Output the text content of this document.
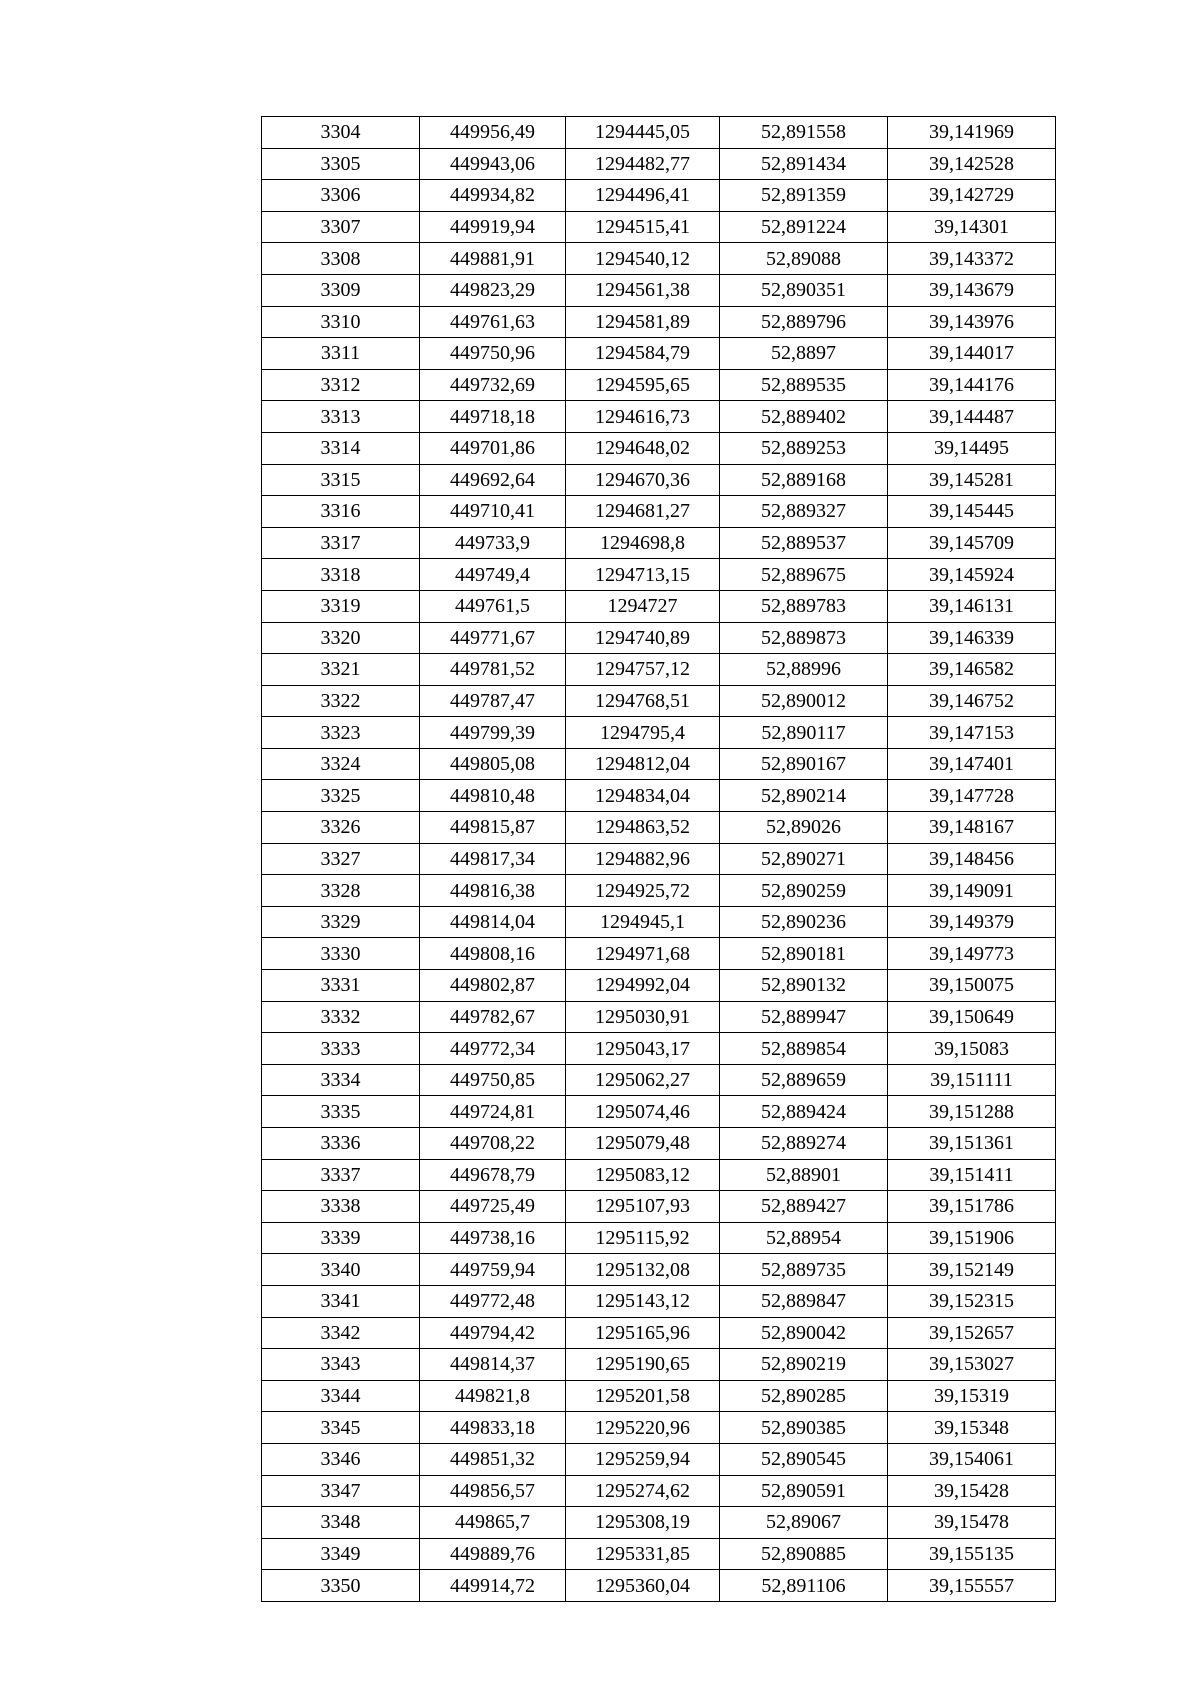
3304	449956,49	1294445,05	52,891558	39,141969
3305	449943,06	1294482,77	52,891434	39,142528
3306	449934,82	1294496,41	52,891359	39,142729
3307	449919,94	1294515,41	52,891224	39,14301
3308	449881,91	1294540,12	52,89088	39,143372
3309	449823,29	1294561,38	52,890351	39,143679
3310	449761,63	1294581,89	52,889796	39,143976
3311	449750,96	1294584,79	52,8897	39,144017
3312	449732,69	1294595,65	52,889535	39,144176
3313	449718,18	1294616,73	52,889402	39,144487
3314	449701,86	1294648,02	52,889253	39,14495
3315	449692,64	1294670,36	52,889168	39,145281
3316	449710,41	1294681,27	52,889327	39,145445
3317	449733,9	1294698,8	52,889537	39,145709
3318	449749,4	1294713,15	52,889675	39,145924
3319	449761,5	1294727	52,889783	39,146131
3320	449771,67	1294740,89	52,889873	39,146339
3321	449781,52	1294757,12	52,88996	39,146582
3322	449787,47	1294768,51	52,890012	39,146752
3323	449799,39	1294795,4	52,890117	39,147153
3324	449805,08	1294812,04	52,890167	39,147401
3325	449810,48	1294834,04	52,890214	39,147728
3326	449815,87	1294863,52	52,89026	39,148167
3327	449817,34	1294882,96	52,890271	39,148456
3328	449816,38	1294925,72	52,890259	39,149091
3329	449814,04	1294945,1	52,890236	39,149379
3330	449808,16	1294971,68	52,890181	39,149773
3331	449802,87	1294992,04	52,890132	39,150075
3332	449782,67	1295030,91	52,889947	39,150649
3333	449772,34	1295043,17	52,889854	39,15083
3334	449750,85	1295062,27	52,889659	39,151111
3335	449724,81	1295074,46	52,889424	39,151288
3336	449708,22	1295079,48	52,889274	39,151361
3337	449678,79	1295083,12	52,88901	39,151411
3338	449725,49	1295107,93	52,889427	39,151786
3339	449738,16	1295115,92	52,88954	39,151906
3340	449759,94	1295132,08	52,889735	39,152149
3341	449772,48	1295143,12	52,889847	39,152315
3342	449794,42	1295165,96	52,890042	39,152657
3343	449814,37	1295190,65	52,890219	39,153027
3344	449821,8	1295201,58	52,890285	39,15319
3345	449833,18	1295220,96	52,890385	39,15348
3346	449851,32	1295259,94	52,890545	39,154061
3347	449856,57	1295274,62	52,890591	39,15428
3348	449865,7	1295308,19	52,89067	39,15478
3349	449889,76	1295331,85	52,890885	39,155135
3350	449914,72	1295360,04	52,891106	39,155557
